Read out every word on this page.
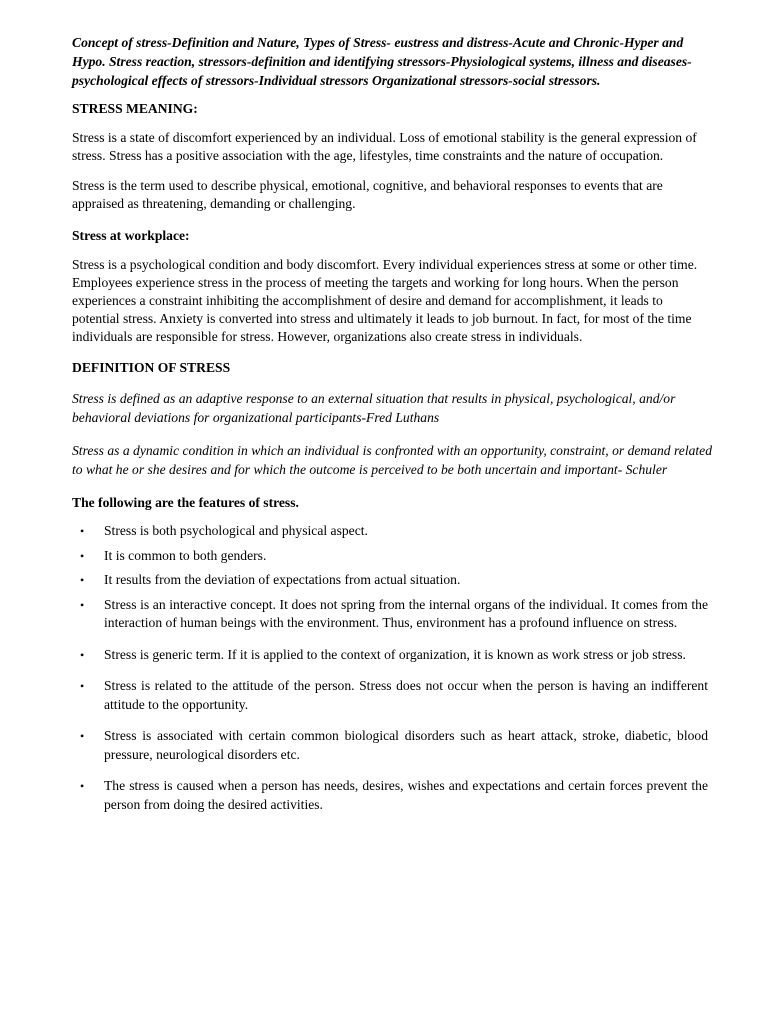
Concept of stress-Definition and Nature, Types of Stress- eustress and distress-Acute and Chronic-Hyper and Hypo. Stress reaction, stressors-definition and identifying stressors-Physiological systems, illness and diseases-psychological effects of stressors-Individual stressors Organizational stressors-social stressors.

STRESS MEANING:

Stress is a state of discomfort experienced by an individual. Loss of emotional stability is the general expression of stress. Stress has a positive association with the age, lifestyles, time constraints and the nature of occupation.

Stress is the term used to describe physical, emotional, cognitive, and behavioral responses to events that are appraised as threatening, demanding or challenging.

Stress at workplace:

Stress is a psychological condition and body discomfort. Every individual experiences stress at some or other time. Employees experience stress in the process of meeting the targets and working for long hours. When the person experiences a constraint inhibiting the accomplishment of desire and demand for accomplishment, it leads to potential stress. Anxiety is converted into stress and ultimately it leads to job burnout. In fact, for most of the time individuals are responsible for stress. However, organizations also create stress in individuals.

DEFINITION OF STRESS

Stress is defined as an adaptive response to an external situation that results in physical, psychological, and/or behavioral deviations for organizational participants-Fred Luthans

Stress as a dynamic condition in which an individual is confronted with an opportunity, constraint, or demand related to what he or she desires and for which the outcome is perceived to be both uncertain and important- Schuler

The following are the features of stress.

• Stress is both psychological and physical aspect.
• It is common to both genders.
• It results from the deviation of expectations from actual situation.
• Stress is an interactive concept. It does not spring from the internal organs of the individual. It comes from the interaction of human beings with the environment. Thus, environment has a profound influence on stress.
• Stress is generic term. If it is applied to the context of organization, it is known as work stress or job stress.
• Stress is related to the attitude of the person. Stress does not occur when the person is having an indifferent attitude to the opportunity.
• Stress is associated with certain common biological disorders such as heart attack, stroke, diabetic, blood pressure, neurological disorders etc.
• The stress is caused when a person has needs, desires, wishes and expectations and certain forces prevent the person from doing the desired activities.
